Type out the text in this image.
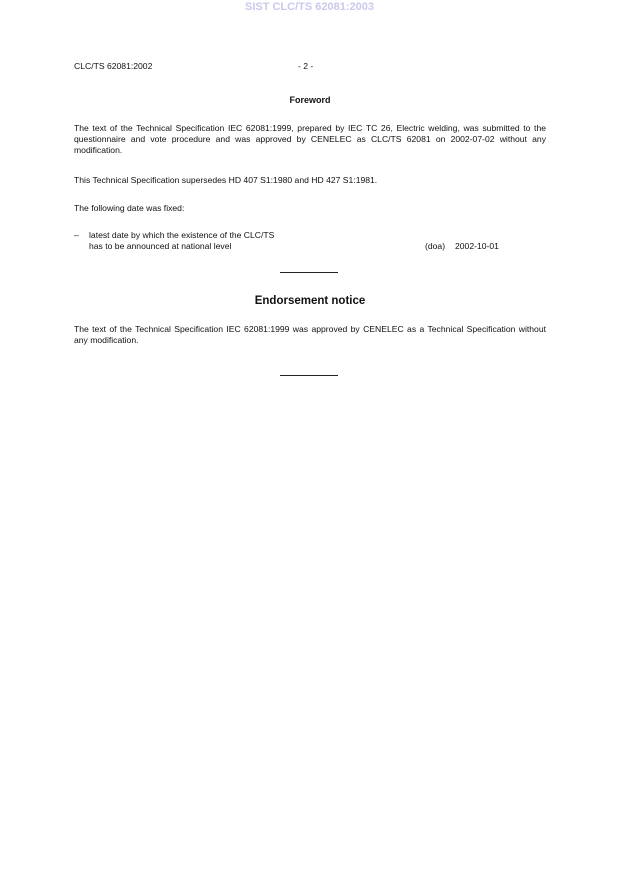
SIST CLC/TS 62081:2003
CLC/TS 62081:2002	- 2 -
Foreword
The text of the Technical Specification IEC 62081:1999, prepared by IEC TC 26, Electric welding, was submitted to the questionnaire and vote procedure and was approved by CENELEC as CLC/TS 62081 on 2002-07-02 without any modification.
This Technical Specification supersedes HD 407 S1:1980 and HD 427 S1:1981.
The following date was fixed:
– latest date by which the existence of the CLC/TS
has to be announced at national level	(doa) 2002-10-01
Endorsement notice
The text of the Technical Specification IEC 62081:1999 was approved by CENELEC as a Technical Specification without any modification.
